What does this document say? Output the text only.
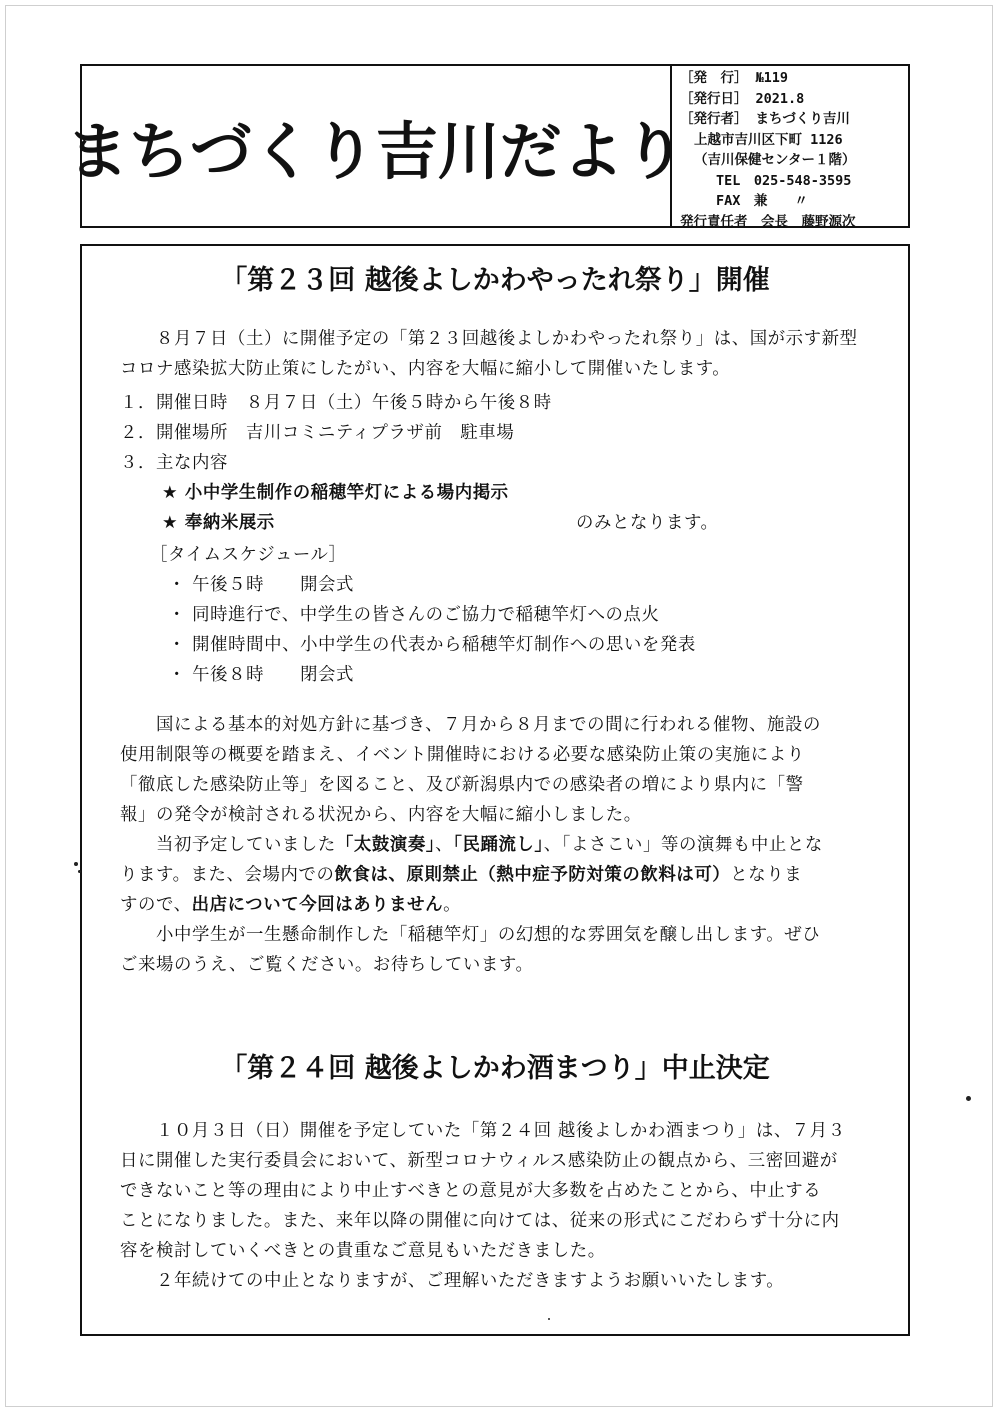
まちづくり吉川だより
［発　行］ №119
［発行日］ 2021.8
［発行者］ まちづくり吉川
上越市吉川区下町 1126
（吉川保健センター１階）
TEL　025-548-3595
FAX　兼　　〃
発行責任者　会長　藤野源次
「第２３回 越後よしかわやったれ祭り」開催
８月７日（土）に開催予定の「第２３回越後よしかわやったれ祭り」は、国が示す新型
コロナ感染拡大防止策にしたがい、内容を大幅に縮小して開催いたします。
１．開催日時　８月７日（土）午後５時から午後８時
２．開催場所　吉川コミニティプラザ前　駐車場
３．主な内容
★ 小中学生制作の稲穂竿灯による場内掲示
★ 奉納米展示	のみとなります。
［タイムスケジュール］
・ 午後５時　　開会式
・ 同時進行で、中学生の皆さんのご協力で稲穂竿灯への点火
・ 開催時間中、小中学生の代表から稲穂竿灯制作への思いを発表
・ 午後８時　　閉会式
国による基本的対処方針に基づき、７月から８月までの間に行われる催物、施設の
使用制限等の概要を踏まえ、イベント開催時における必要な感染防止策の実施により
「徹底した感染防止等」を図ること、及び新潟県内での感染者の増により県内に「警
報」の発令が検討される状況から、内容を大幅に縮小しました。
当初予定していました「太鼓演奏」、「民踊流し」、「よさこい」等の演舞も中止とな
ります。また、会場内での飲食は、原則禁止（熱中症予防対策の飲料は可）となりま
すので、出店について今回はありません。
小中学生が一生懸命制作した「稲穂竿灯」の幻想的な雰囲気を醸し出します。ぜひ
ご来場のうえ、ご覧ください。お待ちしています。
「第２４回 越後よしかわ酒まつり」中止決定
１０月３日（日）開催を予定していた「第２４回 越後よしかわ酒まつり」は、７月３
日に開催した実行委員会において、新型コロナウィルス感染防止の観点から、三密回避が
できないこと等の理由により中止すべきとの意見が大多数を占めたことから、中止する
ことになりました。また、来年以降の開催に向けては、従来の形式にこだわらず十分に内
容を検討していくべきとの貴重なご意見もいただきました。
２年続けての中止となりますが、ご理解いただきますようお願いいたします。
